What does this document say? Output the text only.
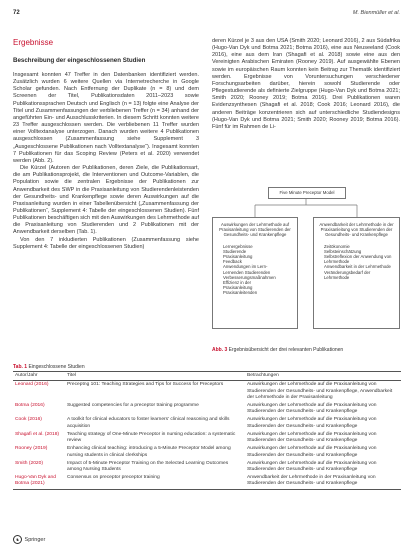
72	M. Bienmüller et al.
Ergebnisse
Beschreibung der eingeschlossenen Studien

Insgesamt konnten 47 Treffer in den Datenbanken identifiziert werden. Zusätzlich wurden 6 weitere Quellen via Internetrecherche in Google Scholar gefunden. Nach Entfernung der Duplikate (n = 8) und dem Screenen der Titel, Publikationsdaten 2011–2023 sowie Publikationssprachen Deutsch und Englisch (n = 13) folgte eine Analyse der Titel und Zusammenfassungen der verbliebenen Treffer (n = 34) anhand der angeführten Ein- und Ausschlusskriterien. In diesem Schritt konnten weitere 23 Treffer ausgeschlossen werden. Die verbliebenen 11 Treffer wurden einer Volltextanalyse unterzogen. Danach wurden weitere 4 Publikationen ausgeschlossen (Zusammenfassung siehe Supplement 3 „Ausgeschlossene Publikationen nach Volltextanalyse“). Insgesamt konnten 7 Publikationen für das Scoping Review (Peters et al. 2020) verwendet werden (Abb. 2).

Die Kürzel (Autoren der Publikationen, deren Ziele, die Publikationsart, die am Publikationsprojekt, die Interventionen und Outcome-Variablen, die Population sowie die zentralen Ergebnisse der Publikationen zur Anwendbarkeit des SWP in die Praxisanleitung von Studierendenleistenden der Gesundheits- und Krankenpflege sowie deren Auswirkungen auf die Praxisanleitung wurden in einer Tabellenübersicht („Zusammenfassung der Publikationen“, Supplement 4: Tabelle der eingeschlossenen Studien). Fünf Publikationen beschäftigen sich mit den Auswirkungen des Lehrmethode auf die Praxisanleitung von Studierenden und 2 Publikationen mit der Anwendbarkeit derselben (Tab. 1).

Von den 7 inkludierten Publikationen (Zusammenfassung siehe Supplement 4: Tabelle der eingeschlossenen Studien)

deren Kürzel je 3 aus den USA (Smith 2020; Leonard 2016), 2 aus Südafrika (Hugo-Van Dyk und Botma 2021; Botma 2016), eine aus Neuseeland (Cook 2016), eine aus dem Iran (Shagafi et al. 2018) sowie eine aus den Vereinigten Arabischen Emiraten (Rooney 2019). Auf ausgewählte Ebenen sowie im europäischen Raum konnten kein Beitrag zur Thematik identifiziert werden. Ergebnisse von Voruntersuchungen verschiedener Forschungsarbeiten darüber, hierein sowohl Studierende oder Pflegestudierende als definierte Zielgruppe (Hugo-Van Dyk und Botma 2021; Smith 2020; Rooney 2019; Botma 2016). Drei Publikationen waren Evidenzsynthesen (Shagafi et al. 2018; Cook 2016; Leonard 2016), die anderen Beiträge konzentrieren sich auf unterschiedliche Studiendesigns (Hugo-Van Dyk und Botma 2021; Smith 2020; Rooney 2019; Botma 2016). Fünf für im Rahmen de Li-

Five Minute Preceptor Model
Auswirkungen der Lehrmethode auf Praxisanleitung von Studierenden der Gesundheits- und Krankenpflege
Lernergebnisse
Studierende
Praxisanleitung
Feedback
Anwendungen im Lern-
Lernenden Studierenden
Verbesserungsmaßnahmen
Effizienz in der
Praxisanleitung
Praxisanleitenden
Anwendbarkeit der Lehrmethode in der Praxisanleitung von Studierenden der Gesundheits- und Krankenpflege
Zeitökonomie
Selbsteinschätzung
Selbstreflexion der Anwendung von Lehrmethode
Anwendbarkeit in der Lehrmethode
Veränderungsbedarf der Lehrmethode
Abb. 3 Ergebnisübersicht der drei relevanten Publikationen
Tab. 1 Eingeschlossene Studien
Autor/Jahr	Titel	Betrachtungen
Leonard (2016)	Preceptng 101: Teaching Strategies and Tips for Success for Preceptors	Auswirkungen der Lehrmethode auf die Praxisanleitung von Studierenden der Gesundheits- und Krankenpflege, Anwendbarkeit der Lehrmethode in der Praxisanleitung
Botma (2016)	Suggested competencies for a preceptor training programme	Auswirkungen der Lehrmethode auf die Praxisanleitung von Studierenden der Gesundheits- und Krankenpflege
Cook (2016)	A toolkit for clinical educators to foster learners' clinical reasoning and skills acquisition	Auswirkungen der Lehrmethode auf die Praxisanleitung von Studierenden der Gesundheits- und Krankenpflege
Shagafi et al. (2018)	Teaching strategy of One-Minute Preceptor in nursing education: a systematic review	Auswirkungen der Lehrmethode auf die Praxisanleitung von Studierenden der Gesundheits- und Krankenpflege
Rooney (2019)	Enhancing clinical teaching: introducing a 5-Minute Preceptor Model among nursing students in clinical clerkships	Auswirkungen der Lehrmethode auf die Praxisanleitung von Studierenden der Gesundheits- und Krankenpflege
Smith (2020)	Impact of 5-Minute Preceptor Training on the Selected Learning Outcomes among Nursing Students	Auswirkungen der Lehrmethode auf die Praxisanleitung von Studierenden der Gesundheits- und Krankenpflege
Hugo-Van Dyk and Botma (2021)	Consensus on preceptor preceptor training	Anwendbarkeit der Lehrmethode in der Praxisanleitung von Studierenden der Gesundheits- und Krankenpflege
♞ Springer
